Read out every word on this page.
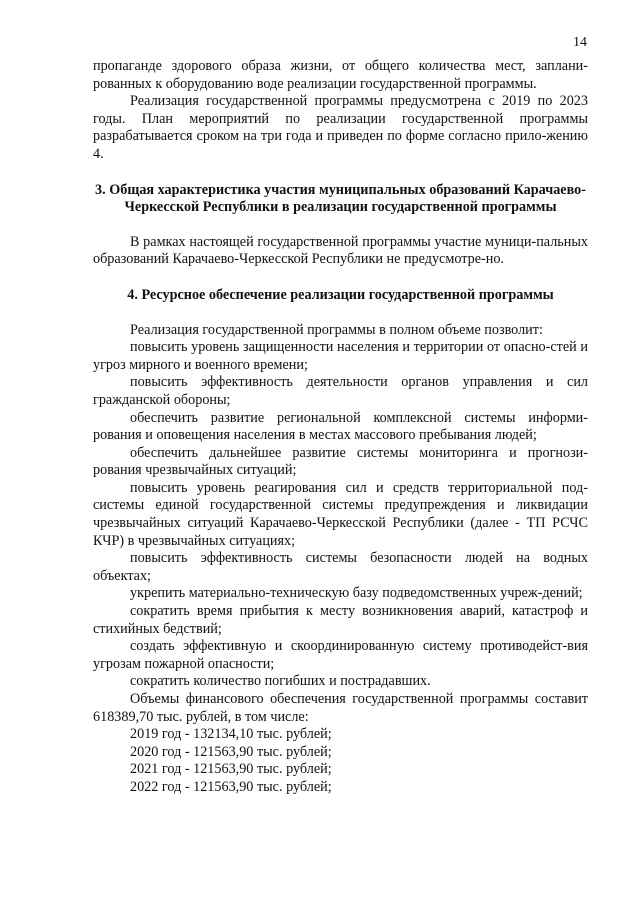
14

пропаганде здорового образа жизни, от общего количества мест, заплани-рованных к оборудованию воде реализации государственной программы.

Реализация государственной программы предусмотрена с 2019 по 2023 годы. План мероприятий по реализации государственной программы разрабатывается сроком на три года и приведен по форме согласно прило-жению 4.

3. Общая характеристика участия муниципальных образований Карачаево-Черкесской Республики в реализации государственной программы

В рамках настоящей государственной программы участие муници-пальных образований Карачаево-Черкесской Республики не предусмотре-но.

4. Ресурсное обеспечение реализации государственной программы

Реализация государственной программы в полном объеме позволит:

повысить уровень защищенности населения и территории от опасно-стей и угроз мирного и военного времени;

повысить эффективность деятельности органов управления и сил гражданской обороны;

обеспечить развитие региональной комплексной системы информи-рования и оповещения населения в местах массового пребывания людей;

обеспечить дальнейшее развитие системы мониторинга и прогнози-рования чрезвычайных ситуаций;

повысить уровень реагирования сил и средств территориальной под-системы единой государственной системы предупреждения и ликвидации чрезвычайных ситуаций Карачаево-Черкесской Республики (далее - ТП РСЧС КЧР) в чрезвычайных ситуациях;

повысить эффективность системы безопасности людей на водных объектах;

укрепить материально-техническую базу подведомственных учреж-дений;

сократить время прибытия к месту возникновения аварий, катастроф и стихийных бедствий;

создать эффективную и скоординированную систему противодейст-вия угрозам пожарной опасности;

сократить количество погибших и пострадавших.

Объемы финансового обеспечения государственной программы составит 618389,70 тыс. рублей, в том числе:

2019 год - 132134,10 тыс. рублей;

2020 год - 121563,90 тыс. рублей;

2021 год - 121563,90 тыс. рублей;

2022 год - 121563,90 тыс. рублей;
